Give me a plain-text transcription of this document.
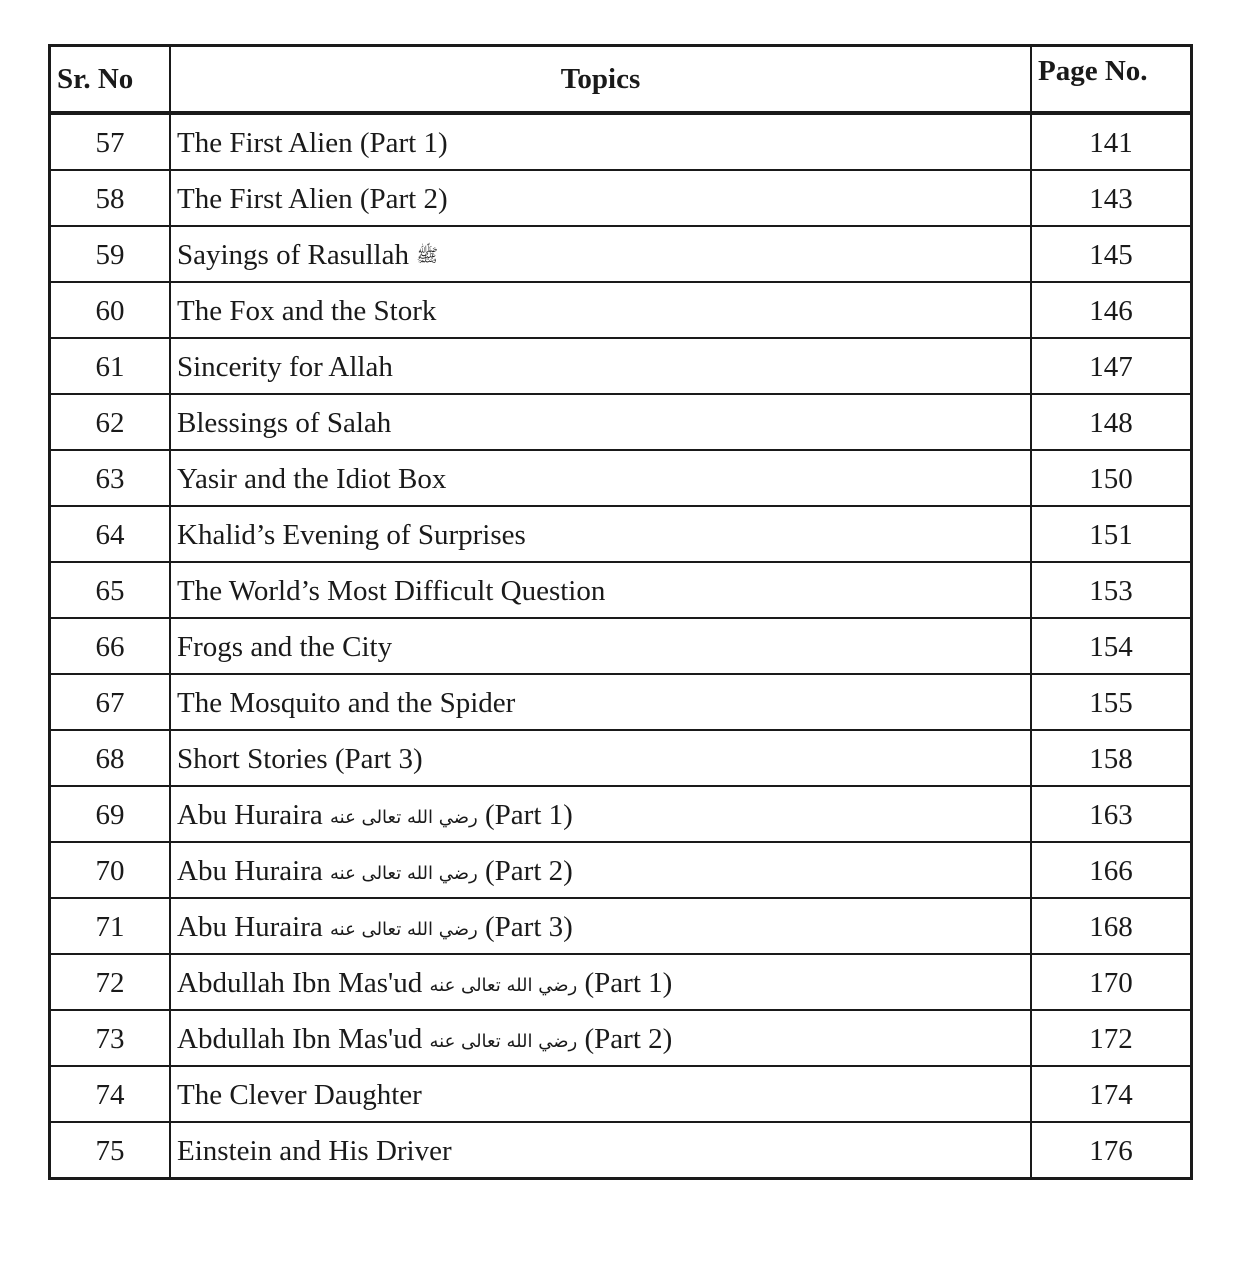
Sr. No	Topics	Page No.
57	The First Alien (Part 1)	141
58	The First Alien (Part 2)	143
59	Sayings of Rasullah ﷺ	145
60	The Fox and the Stork	146
61	Sincerity for Allah	147
62	Blessings of Salah	148
63	Yasir and the Idiot Box	150
64	Khalid’s Evening of Surprises	151
65	The World’s Most Difficult Question	153
66	Frogs and the City	154
67	The Mosquito and the Spider	155
68	Short Stories (Part 3)	158
69	Abu Huraira رضي الله تعالى عنه (Part 1)	163
70	Abu Huraira رضي الله تعالى عنه (Part 2)	166
71	Abu Huraira رضي الله تعالى عنه (Part 3)	168
72	Abdullah Ibn Mas'ud رضي الله تعالى عنه (Part 1)	170
73	Abdullah Ibn Mas'ud رضي الله تعالى عنه (Part 2)	172
74	The Clever Daughter	174
75	Einstein and His Driver	176
